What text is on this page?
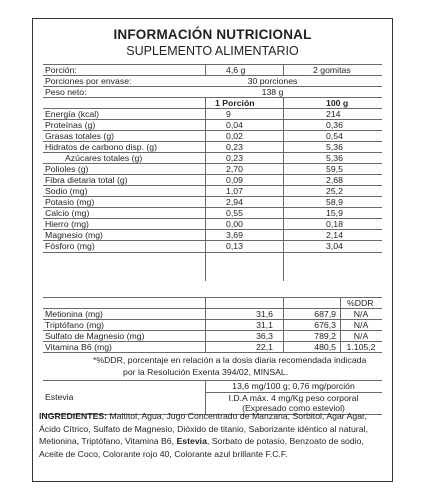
INFORMACIÓN NUTRICIONAL
SUPLEMENTO ALIMENTARIO
Porción:	4,6 g	2 gomitas
Porciones por envase:	30 porciones
Peso neto:	138 g
1 Porción	100 g
Energía (kcal)	9	214
Proteínas (g)	0,04	0,36
Grasas totales (g)	0,02	0,54
Hidratos de carbono disp. (g)	0,23	5,36
Azúcares totales (g)	0,23	5,36
Polioles (g)	2,70	59,5
Fibra dietaria total (g)	0,09	2,68
Sodio (mg)	1,07	25,2
Potasio (mg)	2,94	58,9
Calcio (mg)	0,55	15,9
Hierro (mg)	0,00	0,18
Magnesio (mg)	3,69	2,14
Fósforo (mg)	0,13	3,04
%DDR
Metionina (mg)	31,6	687,9	N/A
Triptófano (mg)	31,1	676,3	N/A
Sulfato de Magnesio (mg)	36,3	789,2	N/A
Vitamina B6 (mg)	22,1	480,5	1.105,2
*%DDR, porcentaje en relación a la dosis diaria recomendada indicada
por la Resolución Exenta 394/02, MINSAL.
Estevia
13,6 mg/100 g; 0,76 mg/porción
I.D.A máx. 4 mg/Kg peso corporal
(Expresado como esteviol)
INGREDIENTES: Maltitol, Agua, Jugo Concentrado de Manzana, Sorbitol, Agar Agar,
Ácido Cítrico, Sulfato de Magnesio, Dióxido de titanio, Saborizante idéntico al natural,
Metionina, Triptófano, Vitamina B6, Estevia, Sorbato de potasio, Benzoato de sodio,
Aceite de Coco, Colorante rojo 40, Colorante azul brillante F.C.F.
